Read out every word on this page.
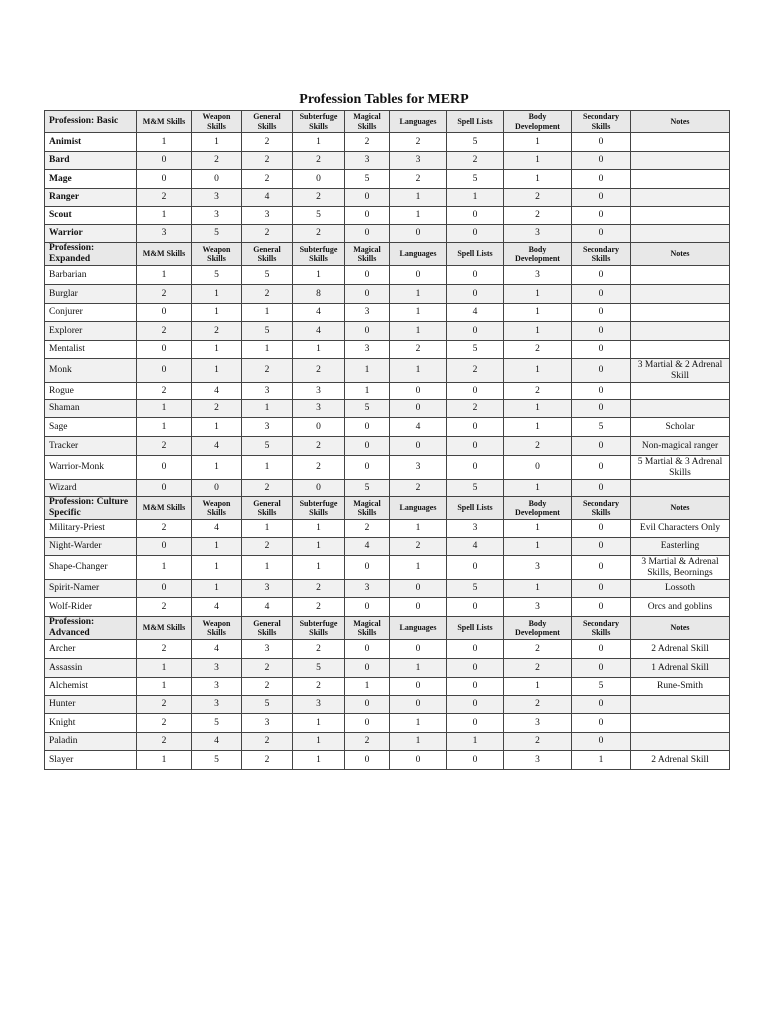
Profession Tables for MERP
Profession: Basic	M&M Skills	Weapon Skills	General Skills	Subterfuge Skills	Magical Skills	Languages	Spell Lists	Body Development	Secondary Skills	Notes
Animist	1	1	2	1	2	2	5	1	0	
Bard	0	2	2	2	3	3	2	1	0	
Mage	0	0	2	0	5	2	5	1	0	
Ranger	2	3	4	2	0	1	1	2	0	
Scout	1	3	3	5	0	1	0	2	0	
Warrior	3	5	2	2	0	0	0	3	0	
Profession: Expanded	M&M Skills	Weapon Skills	General Skills	Subterfuge Skills	Magical Skills	Languages	Spell Lists	Body Development	Secondary Skills	Notes
Barbarian	1	5	5	1	0	0	0	3	0	
Burglar	2	1	2	8	0	1	0	1	0	
Conjurer	0	1	1	4	3	1	4	1	0	
Explorer	2	2	5	4	0	1	0	1	0	
Mentalist	0	1	1	1	3	2	5	2	0	
Monk	0	1	2	2	1	1	2	1	0	3 Martial & 2 Adrenal Skill
Rogue	2	4	3	3	1	0	0	2	0	
Shaman	1	2	1	3	5	0	2	1	0	
Sage	1	1	3	0	0	4	0	1	5	Scholar
Tracker	2	4	5	2	0	0	0	2	0	Non-magical ranger
Warrior-Monk	0	1	1	2	0	3	0	0	0	5 Martial & 3 Adrenal Skills
Wizard	0	0	2	0	5	2	5	1	0	
Profession: Culture Specific	M&M Skills	Weapon Skills	General Skills	Subterfuge Skills	Magical Skills	Languages	Spell Lists	Body Development	Secondary Skills	Notes
Military-Priest	2	4	1	1	2	1	3	1	0	Evil Characters Only
Night-Warder	0	1	2	1	4	2	4	1	0	Easterling
Shape-Changer	1	1	1	1	0	1	0	3	0	3 Martial & Adrenal Skills, Beornings
Spirit-Namer	0	1	3	2	3	0	5	1	0	Lossoth
Wolf-Rider	2	4	4	2	0	0	0	3	0	Orcs and goblins
Profession: Advanced	M&M Skills	Weapon Skills	General Skills	Subterfuge Skills	Magical Skills	Languages	Spell Lists	Body Development	Secondary Skills	Notes
Archer	2	4	3	2	0	0	0	2	0	2 Adrenal Skill
Assassin	1	3	2	5	0	1	0	2	0	1 Adrenal Skill
Alchemist	1	3	2	2	1	0	0	1	5	Rune-Smith
Hunter	2	3	5	3	0	0	0	2	0	
Knight	2	5	3	1	0	1	0	3	0	
Paladin	2	4	2	1	2	1	1	2	0	
Slayer	1	5	2	1	0	0	0	3	1	2 Adrenal Skill
